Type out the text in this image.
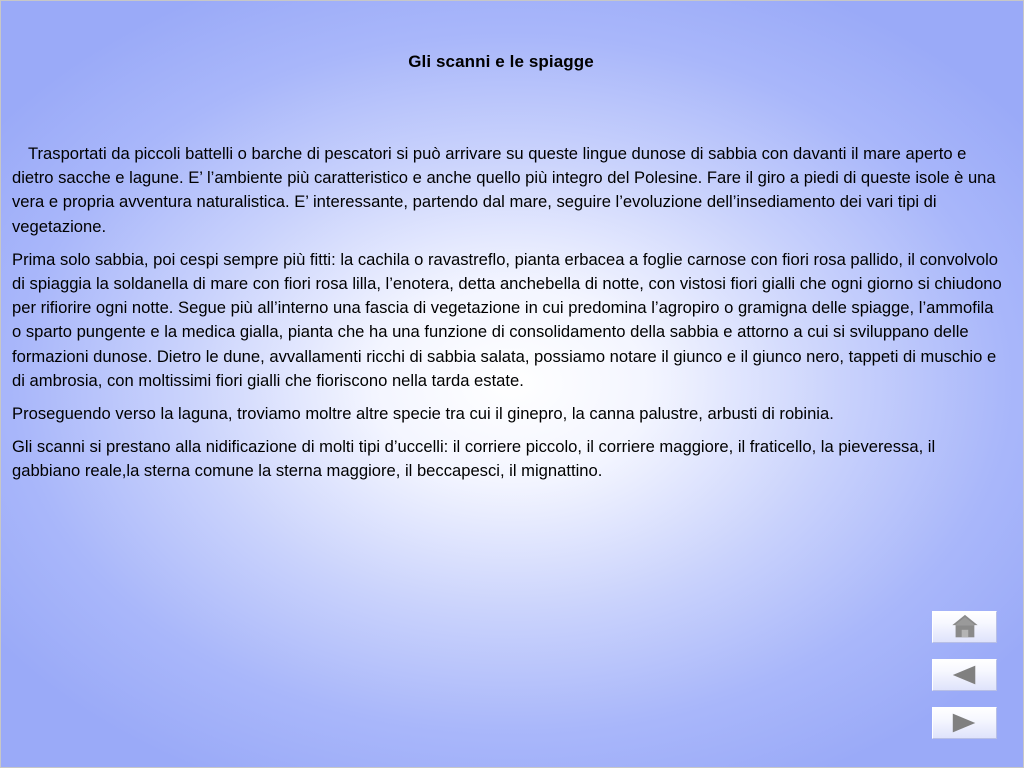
Gli scanni e le spiagge

Trasportati da piccoli battelli o barche di pescatori si può arrivare su queste lingue dunose di sabbia con davanti il mare aperto e dietro sacche e lagune. E’ l’ambiente più caratteristico e anche quello più integro del Polesine. Fare il giro a piedi di queste isole è una vera e propria avventura naturalistica. E’ interessante, partendo dal mare, seguire l’evoluzione dell’insediamento dei vari tipi di vegetazione.

Prima solo sabbia, poi cespi sempre più fitti: la cachila o ravastreflo, pianta erbacea a foglie carnose con fiori rosa pallido, il convolvolo di spiaggia la soldanella di mare con fiori rosa lilla, l’enotera, detta anchebella di notte, con vistosi fiori gialli che ogni giorno si chiudono per rifiorire ogni notte. Segue più all’interno una fascia di vegetazione in cui predomina l’agropiro o gramigna delle spiagge, l’ammofila o sparto pungente e la medica gialla, pianta che ha una funzione di consolidamento della sabbia e attorno a cui si sviluppano delle formazioni dunose. Dietro le dune, avvallamenti ricchi di sabbia salata, possiamo notare il giunco e il giunco nero, tappeti di muschio e di ambrosia, con moltissimi fiori gialli che fioriscono nella tarda estate.

Proseguendo verso la laguna, troviamo moltre altre specie tra cui il ginepro, la canna palustre, arbusti di robinia.

Gli scanni si prestano alla nidificazione di molti tipi d’uccelli: il corriere piccolo, il corriere maggiore, il fraticello, la pieveressa, il gabbiano reale,la sterna comune la sterna maggiore, il beccapesci, il mignattino.
